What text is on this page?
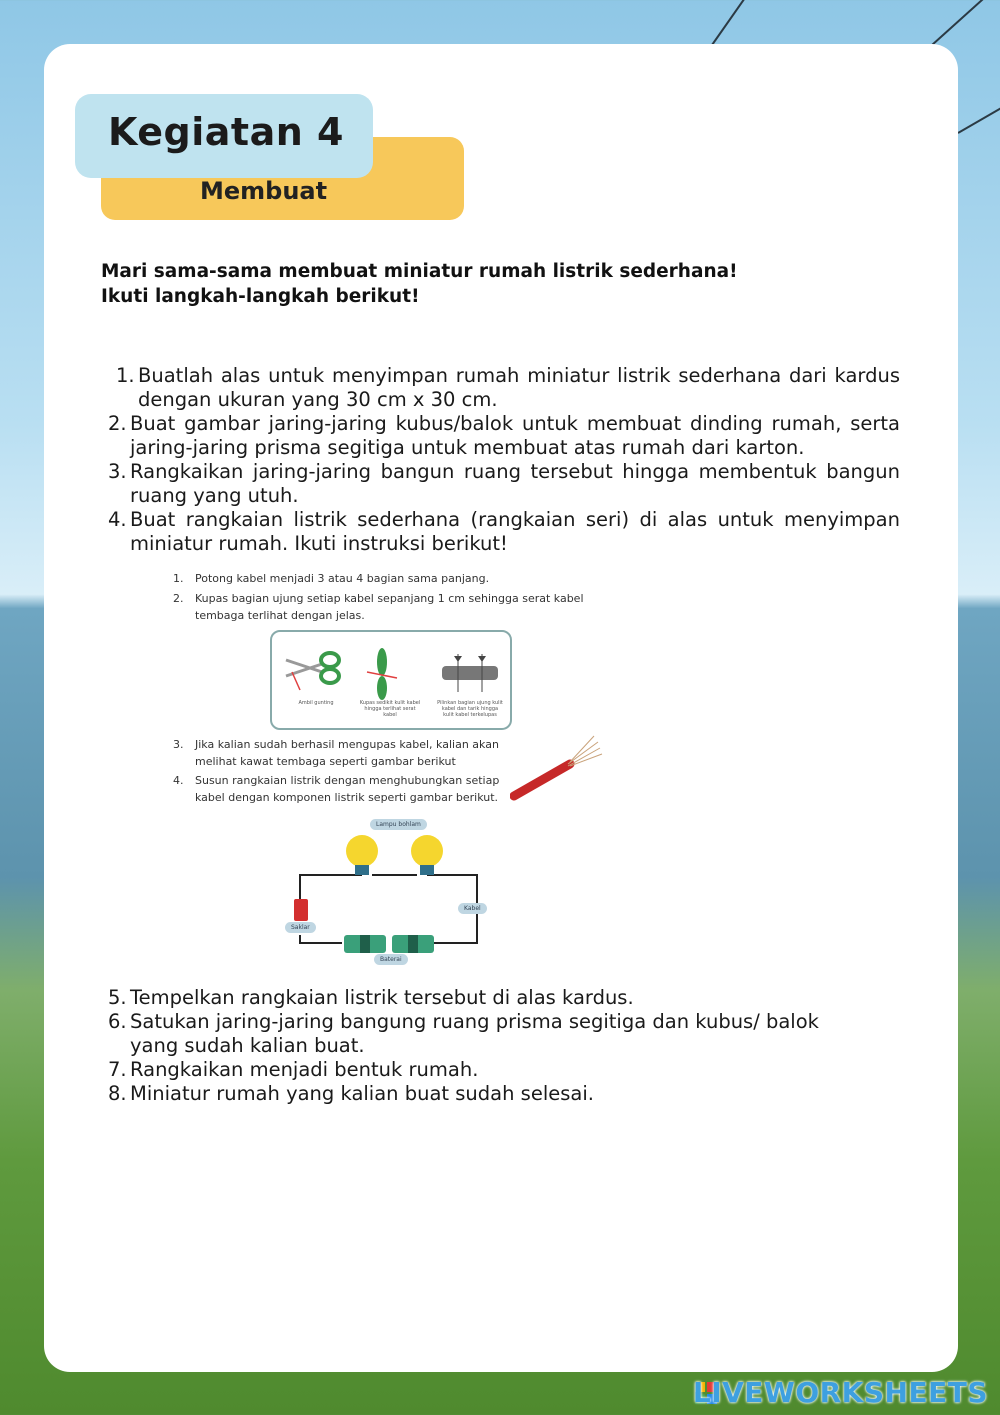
Kegiatan 4
Membuat
Mari sama-sama membuat miniatur rumah listrik sederhana!
Ikuti langkah-langkah berikut!
1. Buatlah alas untuk menyimpan rumah miniatur listrik sederhana dari kardus dengan ukuran yang 30 cm x 30 cm.
2. Buat gambar jaring-jaring kubus/balok untuk membuat dinding rumah, serta jaring-jaring prisma segitiga untuk membuat atas rumah dari karton.
3. Rangkaikan jaring-jaring bangun ruang tersebut hingga membentuk bangun ruang yang utuh.
4. Buat rangkaian listrik sederhana (rangkaian seri) di alas untuk menyimpan miniatur rumah. Ikuti instruksi berikut!
1. Potong kabel menjadi 3 atau 4 bagian sama panjang.
2. Kupas bagian ujung setiap kabel sepanjang 1 cm sehingga serat kabel tembaga terlihat dengan jelas.
Ambil gunting	Kupas sedikit kulit kabel hingga terlihat serat kabel
Pilinkan bagian ujung kulit kabel dan tarik hingga kulit kabel terkelupas
3. Jika kalian sudah berhasil mengupas kabel, kalian akan melihat kawat tembaga seperti gambar berikut
4. Susun rangkaian listrik dengan menghubungkan setiap kabel dengan komponen listrik seperti gambar berikut.
Lampu bohlam
Kabel
Saklar
Baterai
5. Tempelkan rangkaian listrik tersebut di alas kardus.
6. Satukan jaring-jaring bangung ruang prisma segitiga dan kubus/ balok yang sudah kalian buat.
7. Rangkaikan menjadi bentuk rumah.
8. Miniatur rumah yang kalian buat sudah selesai.
LIVEWORKSHEETS
